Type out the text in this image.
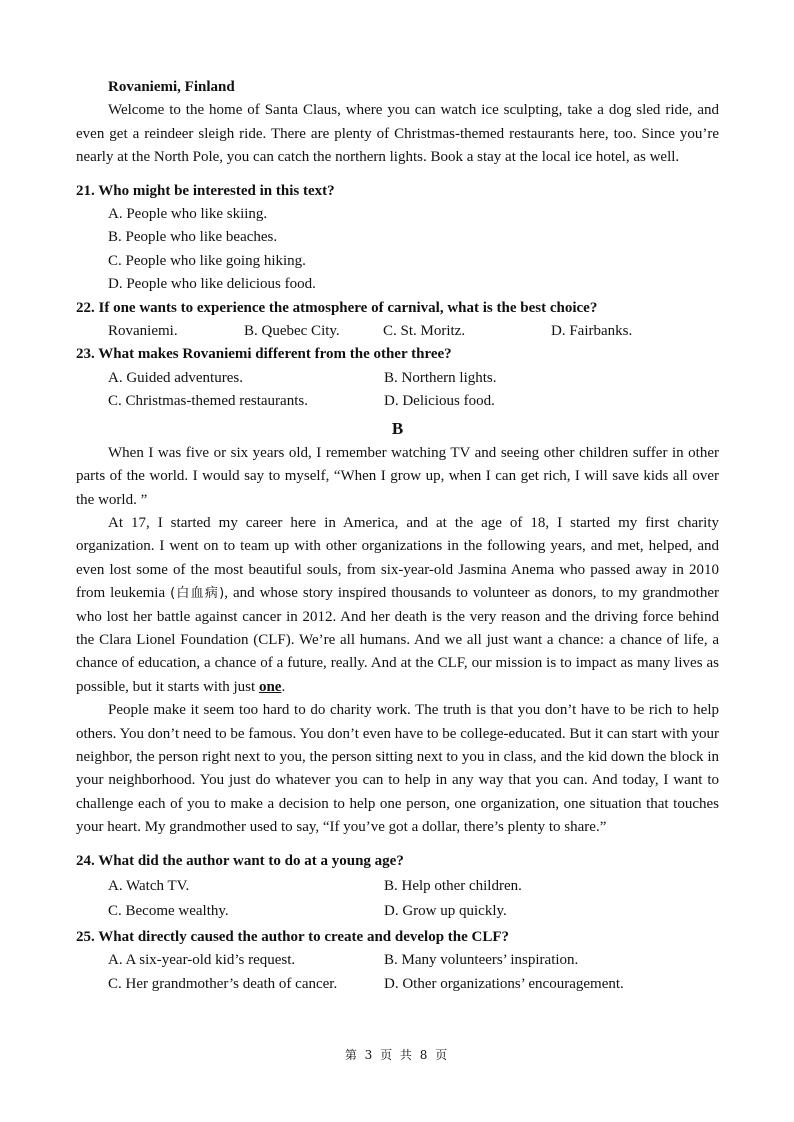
Rovaniemi, Finland
Welcome to the home of Santa Claus, where you can watch ice sculpting, take a dog sled ride, and even get a reindeer sleigh ride. There are plenty of Christmas-themed restaurants here, too. Since you’re nearly at the North Pole, you can catch the northern lights. Book a stay at the local ice hotel, as well.
21. Who might be interested in this text?
A. People who like skiing.
B. People who like beaches.
C. People who like going hiking.
D. People who like delicious food.
22. If one wants to experience the atmosphere of carnival, what is the best choice?
Rovaniemi.	B. Quebec City.	C. St. Moritz.	D. Fairbanks.
23. What makes Rovaniemi different from the other three?
A. Guided adventures.	B. Northern lights.
C. Christmas-themed restaurants.	D. Delicious food.
B
When I was five or six years old, I remember watching TV and seeing other children suffer in other parts of the world. I would say to myself, “When I grow up, when I can get rich, I will save kids all over the world. ”
At 17, I started my career here in America, and at the age of 18, I started my first charity organization. I went on to team up with other organizations in the following years, and met, helped, and even lost some of the most beautiful souls, from six-year-old Jasmina Anema who passed away in 2010 from leukemia (白血病), and whose story inspired thousands to volunteer as donors, to my grandmother who lost her battle against cancer in 2012. And her death is the very reason and the driving force behind the Clara Lionel Foundation (CLF). We’re all humans. And we all just want a chance: a chance of life, a chance of education, a chance of a future, really. And at the CLF, our mission is to impact as many lives as possible, but it starts with just one.
People make it seem too hard to do charity work. The truth is that you don’t have to be rich to help others. You don’t need to be famous. You don’t even have to be college-educated. But it can start with your neighbor, the person right next to you, the person sitting next to you in class, and the kid down the block in your neighborhood. You just do whatever you can to help in any way that you can. And today, I want to challenge each of you to make a decision to help one person, one organization, one situation that touches your heart. My grandmother used to say, “If you’ve got a dollar, there’s plenty to share.”
24. What did the author want to do at a young age?
A. Watch TV.	B. Help other children.
C. Become wealthy.	D. Grow up quickly.
25. What directly caused the author to create and develop the CLF?
A. A six-year-old kid’s request.	B. Many volunteers’ inspiration.
C. Her grandmother’s death of cancer.	D. Other organizations’ encouragement.
第 3 页 共 8 页
